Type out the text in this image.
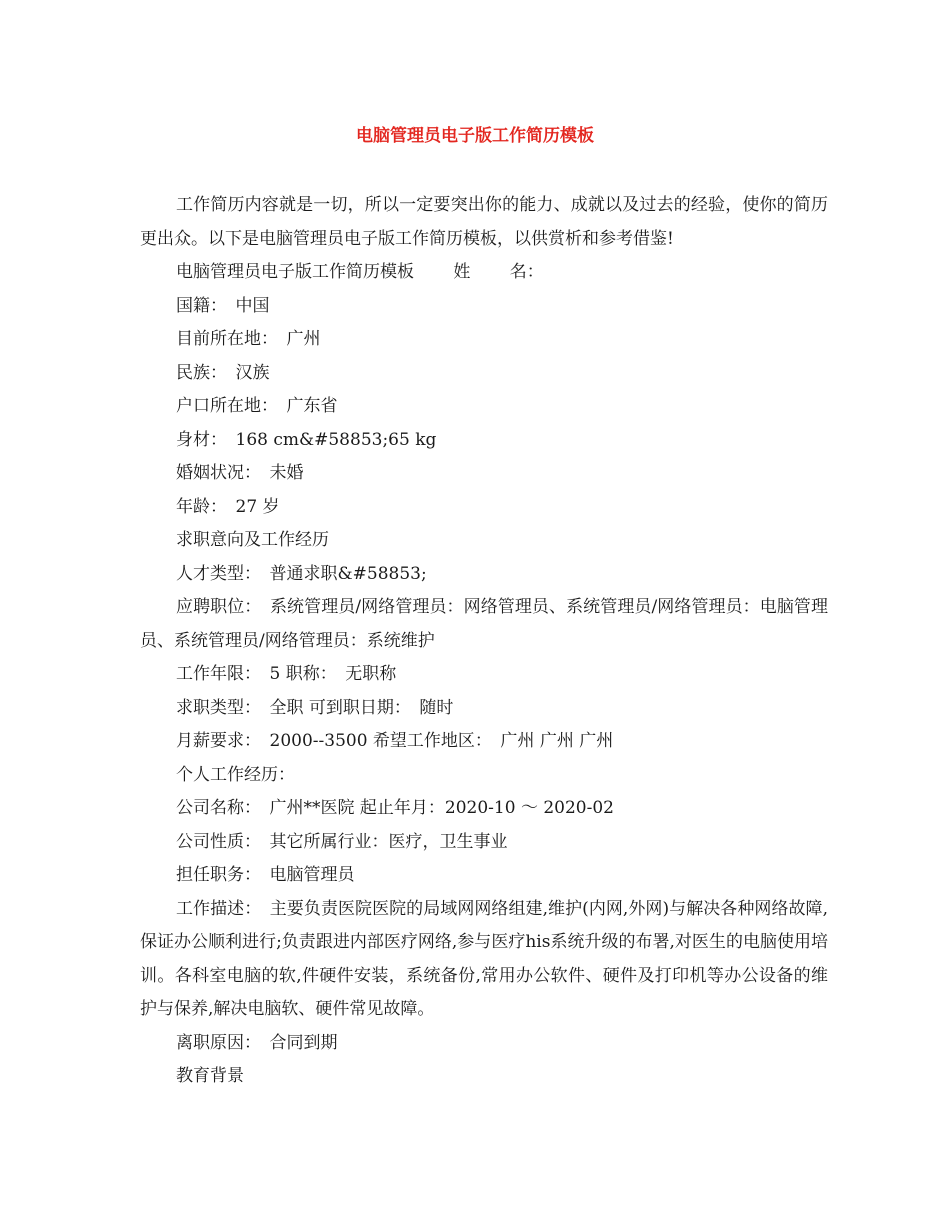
电脑管理员电子版工作简历模板

工作简历内容就是一切，所以一定要突出你的能力、成就以及过去的经验，使你的简历更出众。以下是电脑管理员电子版工作简历模板，以供赏析和参考借鉴!

电脑管理员电子版工作简历模板　　 姓　　 名：

国籍：　中国

目前所在地：　广州

民族：　汉族

户口所在地：　广东省

身材：　168 cm&#58853;65 kg

婚姻状况：　未婚

年龄：　27 岁

求职意向及工作经历

人才类型：　普通求职&#58853;

应聘职位：　系统管理员/网络管理员：网络管理员、系统管理员/网络管理员：电脑管理员、系统管理员/网络管理员：系统维护

工作年限：　5 职称：　无职称

求职类型：　全职 可到职日期：　随时

月薪要求：　2000--3500 希望工作地区：　广州 广州 广州

个人工作经历：

公司名称：　广州**医院 起止年月：2020-10 ～ 2020-02

公司性质：　其它所属行业：医疗，卫生事业

担任职务：　电脑管理员

工作描述：　主要负责医院医院的局域网网络组建,维护(内网,外网)与解决各种网络故障,保证办公顺利进行;负责跟进内部医疗网络,参与医疗his系统升级的布署,对医生的电脑使用培训。各科室电脑的软,件硬件安装，系统备份,常用办公软件、硬件及打印机等办公设备的维护与保养,解决电脑软、硬件常见故障。

离职原因：　合同到期

教育背景
